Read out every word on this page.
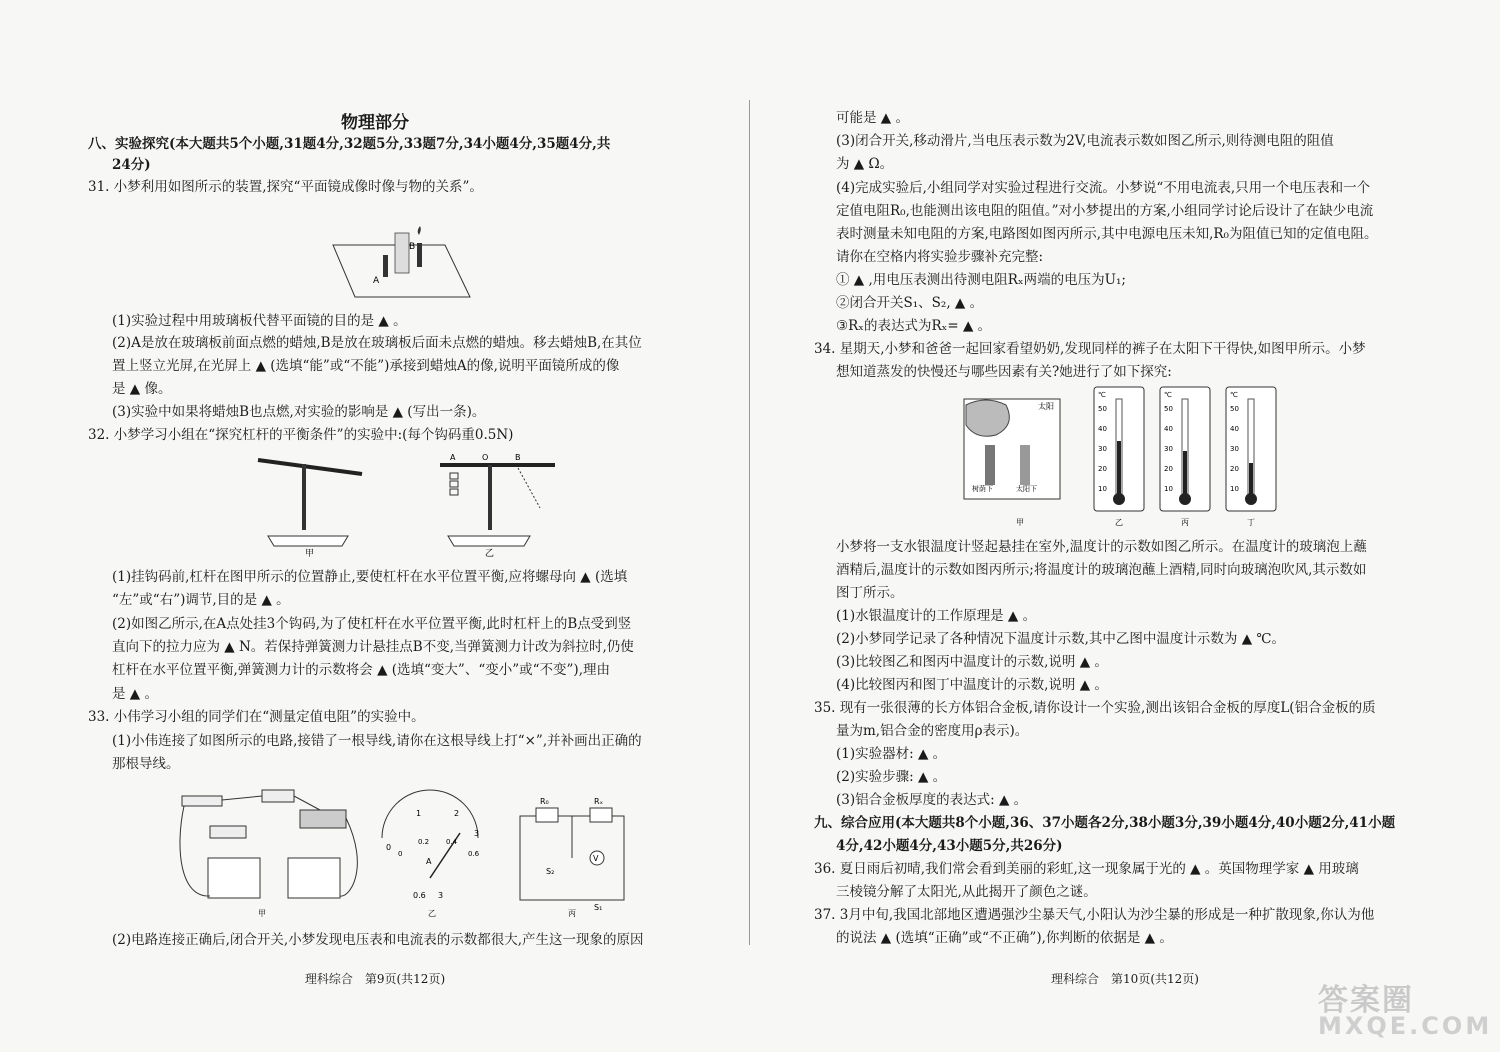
物理部分
八、实验探究(本大题共5个小题,31题4分,32题5分,33题7分,34小题4分,35题4分,共
24分)
31. 小梦利用如图所示的装置,探究“平面镜成像时像与物的关系”。
A
B
(1)实验过程中用玻璃板代替平面镜的目的是 ▲ 。
(2)A是放在玻璃板前面点燃的蜡烛,B是放在玻璃板后面未点燃的蜡烛。移去蜡烛B,在其位
置上竖立光屏,在光屏上 ▲ (选填“能”或“不能”)承接到蜡烛A的像,说明平面镜所成的像
是 ▲ 像。
(3)实验中如果将蜡烛B也点燃,对实验的影响是 ▲ (写出一条)。
32. 小梦学习小组在“探究杠杆的平衡条件”的实验中:(每个钩码重0.5N)
甲
A	O	B
乙
(1)挂钩码前,杠杆在图甲所示的位置静止,要使杠杆在水平位置平衡,应将螺母向 ▲ (选填
“左”或“右”)调节,目的是 ▲ 。
(2)如图乙所示,在A点处挂3个钩码,为了使杠杆在水平位置平衡,此时杠杆上的B点受到竖
直向下的拉力应为 ▲ N。若保持弹簧测力计悬挂点B不变,当弹簧测力计改为斜拉时,仍使
杠杆在水平位置平衡,弹簧测力计的示数将会 ▲ (选填“变大”、“变小”或“不变”),理由
是 ▲ 。
33. 小伟学习小组的同学们在“测量定值电阻”的实验中。
(1)小伟连接了如图所示的电路,接错了一根导线,请你在这根导线上打“×”,并补画出正确的
那根导线。
甲
0
1	2
3
0
0.2 0.4
0.6
A
0.6 3
乙
R₀	Rₓ
V
S₂
S₁
丙
(2)电路连接正确后,闭合开关,小梦发现电压表和电流表的示数都很大,产生这一现象的原因
理科综合　第9页(共12页)
可能是 ▲ 。
(3)闭合开关,移动滑片,当电压表示数为2V,电流表示数如图乙所示,则待测电阻的阻值
为 ▲ Ω。
(4)完成实验后,小组同学对实验过程进行交流。小梦说“不用电流表,只用一个电压表和一个
定值电阻R₀,也能测出该电阻的阻值。”对小梦提出的方案,小组同学讨论后设计了在缺少电流
表时测量未知电阻的方案,电路图如图丙所示,其中电源电压未知,R₀为阻值已知的定值电阻。
请你在空格内将实验步骤补充完整:
① ▲ ,用电压表测出待测电阻Rₓ两端的电压为U₁;
②闭合开关S₁、S₂, ▲ 。
③Rₓ的表达式为Rₓ= ▲ 。
34. 星期天,小梦和爸爸一起回家看望奶奶,发现同样的裤子在太阳下干得快,如图甲所示。小梦
想知道蒸发的快慢还与哪些因素有关?她进行了如下探究:
太阳
树荫下	太阳下
甲
℃
50
40
30
20
10
乙
℃
50
40
30
20
10
丙
℃
50
40
30
20
10
丁
小梦将一支水银温度计竖起悬挂在室外,温度计的示数如图乙所示。在温度计的玻璃泡上蘸
酒精后,温度计的示数如图丙所示;将温度计的玻璃泡蘸上酒精,同时向玻璃泡吹风,其示数如
图丁所示。
(1)水银温度计的工作原理是 ▲ 。
(2)小梦同学记录了各种情况下温度计示数,其中乙图中温度计示数为 ▲ ℃。
(3)比较图乙和图丙中温度计的示数,说明 ▲ 。
(4)比较图丙和图丁中温度计的示数,说明 ▲ 。
35. 现有一张很薄的长方体铝合金板,请你设计一个实验,测出该铝合金板的厚度L(铝合金板的质
量为m,铝合金的密度用ρ表示)。
(1)实验器材: ▲ 。
(2)实验步骤: ▲ 。
(3)铝合金板厚度的表达式: ▲ 。
九、综合应用(本大题共8个小题,36、37小题各2分,38小题3分,39小题4分,40小题2分,41小题
4分,42小题4分,43小题5分,共26分)
36. 夏日雨后初晴,我们常会看到美丽的彩虹,这一现象属于光的 ▲ 。英国物理学家 ▲ 用玻璃
三棱镜分解了太阳光,从此揭开了颜色之谜。
37. 3月中旬,我国北部地区遭遇强沙尘暴天气,小阳认为沙尘暴的形成是一种扩散现象,你认为他
的说法 ▲ (选填“正确”或“不正确”),你判断的依据是 ▲ 。
理科综合　第10页(共12页)
答案圈
MXQE.COM
